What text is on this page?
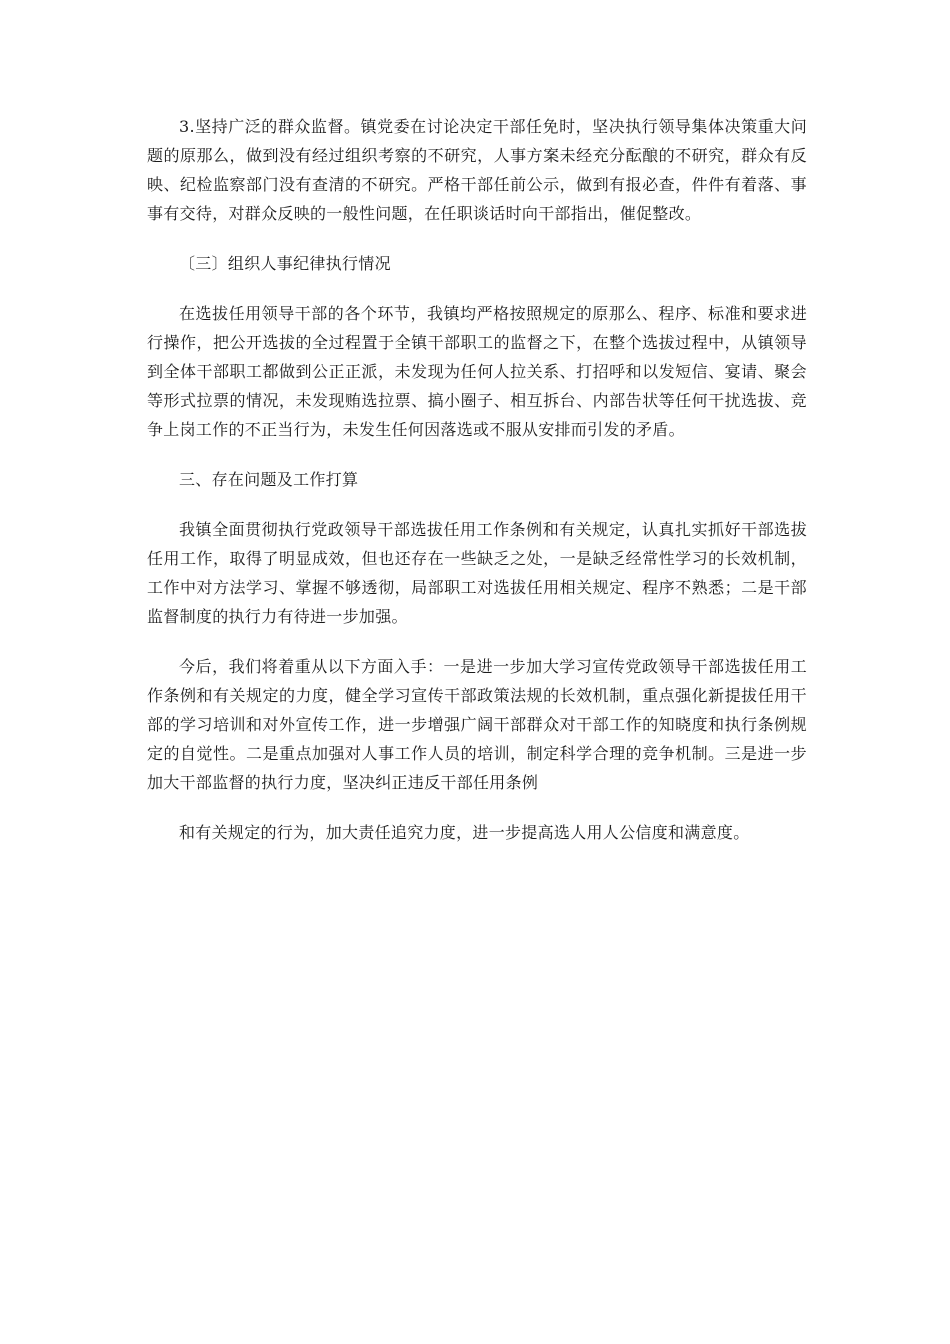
3.坚持广泛的群众监督。镇党委在讨论决定干部任免时，坚决执行领导集体决策重大问题的原那么，做到没有经过组织考察的不研究，人事方案未经充分酝酿的不研究，群众有反映、纪检监察部门没有查清的不研究。严格干部任前公示，做到有报必查，件件有着落、事事有交待，对群众反映的一般性问题，在任职谈话时向干部指出，催促整改。

〔三〕组织人事纪律执行情况

在选拔任用领导干部的各个环节，我镇均严格按照规定的原那么、程序、标准和要求进行操作，把公开选拔的全过程置于全镇干部职工的监督之下，在整个选拔过程中，从镇领导到全体干部职工都做到公正正派，未发现为任何人拉关系、打招呼和以发短信、宴请、聚会等形式拉票的情况，未发现贿选拉票、搞小圈子、相互拆台、内部告状等任何干扰选拔、竞争上岗工作的不正当行为，未发生任何因落选或不服从安排而引发的矛盾。

三、存在问题及工作打算

我镇全面贯彻执行党政领导干部选拔任用工作条例和有关规定，认真扎实抓好干部选拔任用工作，取得了明显成效，但也还存在一些缺乏之处，一是缺乏经常性学习的长效机制，工作中对方法学习、掌握不够透彻，局部职工对选拔任用相关规定、程序不熟悉；二是干部监督制度的执行力有待进一步加强。

今后，我们将着重从以下方面入手：一是进一步加大学习宣传党政领导干部选拔任用工作条例和有关规定的力度，健全学习宣传干部政策法规的长效机制，重点强化新提拔任用干部的学习培训和对外宣传工作，进一步增强广阔干部群众对干部工作的知晓度和执行条例规定的自觉性。二是重点加强对人事工作人员的培训，制定科学合理的竞争机制。三是进一步加大干部监督的执行力度，坚决纠正违反干部任用条例

和有关规定的行为，加大责任追究力度，进一步提高选人用人公信度和满意度。
